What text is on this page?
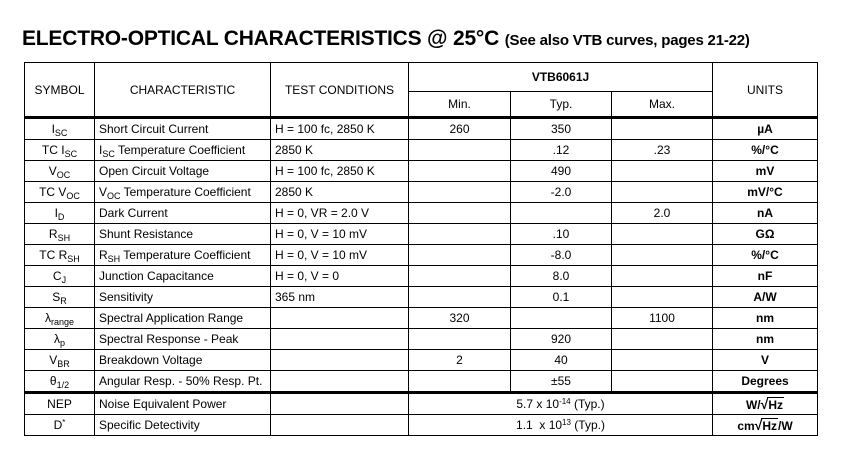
ELECTRO-OPTICAL CHARACTERISTICS @ 25°C (See also VTB curves, pages 21-22)
SYMBOL	CHARACTERISTIC	TEST CONDITIONS	VTB6061J			UNITS
			Min.	Typ.	Max.	
$I_{SC}$	Short Circuit Current	H = 100 fc, 2850 K	260	350		µA
TC $I_{SC}$	$I_{SC}$ Temperature Coefficient	2850 K		.12	.23	%/°C
$V_{OC}$	Open Circuit Voltage	H = 100 fc, 2850 K		490		mV
TC $V_{OC}$	$V_{OC}$ Temperature Coefficient	2850 K		-2.0		mV/°C
$I_D$	Dark Current	H = 0, VR = 2.0 V			2.0	nA
$R_{SH}$	Shunt Resistance	H = 0, V = 10 mV		.10		GΩ
TC $R_{SH}$	$R_{SH}$ Temperature Coefficient	H = 0, V = 10 mV		-8.0		%/°C
$C_J$	Junction Capacitance	H = 0, V = 0		8.0		nF
$S_R$	Sensitivity	365 nm		0.1		A/W
$\lambda_{range}$	Spectral Application Range		320		1100	nm
$\lambda_p$	Spectral Response - Peak			920		nm
$V_{BR}$	Breakdown Voltage		2	40		V
$\theta_{1/2}$	Angular Resp. - 50% Resp. Pt.			±55		Degrees
NEP	Noise Equivalent Power		5.7 x $10^{-14}$ (Typ.)			W/√Hz
D*	Specific Detectivity		1.1  x $10^{13}$ (Typ.)			cm√Hz/W
